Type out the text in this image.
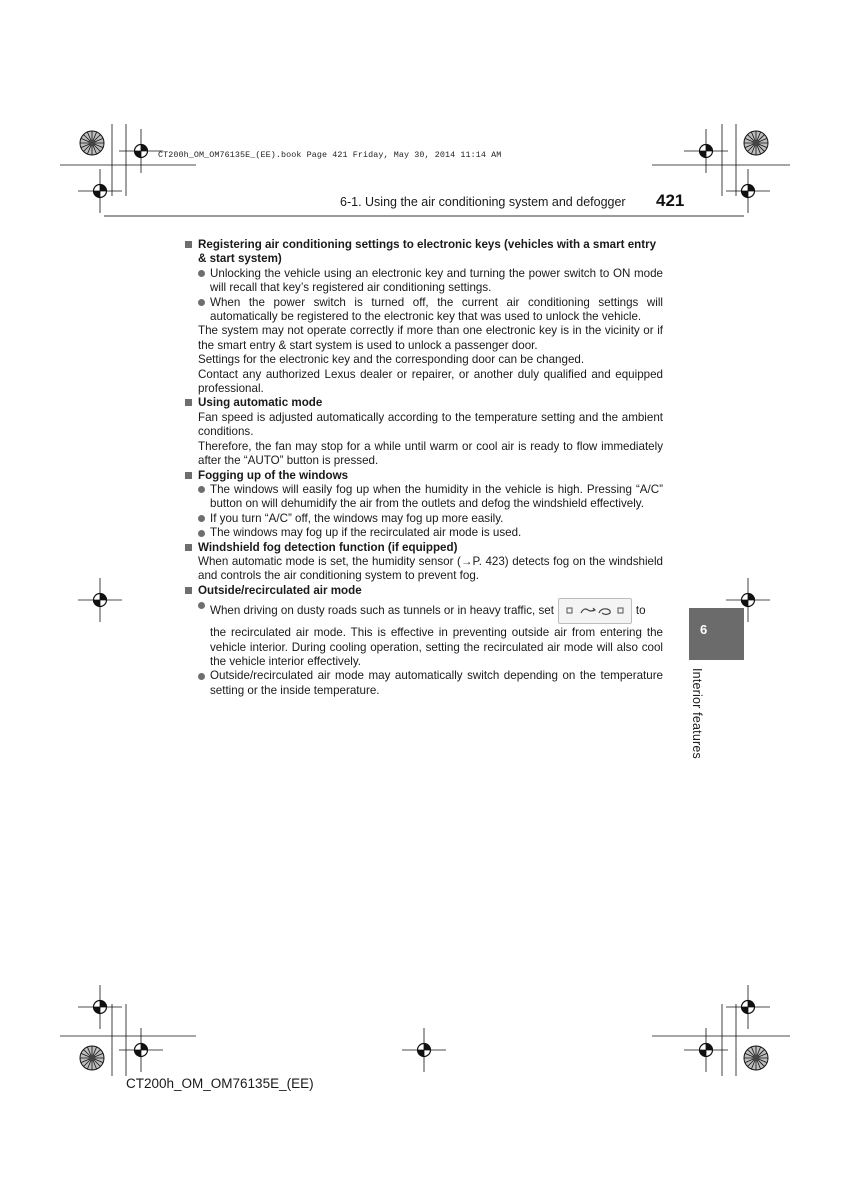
CT200h_OM_OM76135E_(EE).book Page 421 Friday, May 30, 2014 11:14 AM
6-1. Using the air conditioning system and defogger 421

Registering air conditioning settings to electronic keys (vehicles with a smart entry & start system)

Unlocking the vehicle using an electronic key and turning the power switch to ON mode will recall that key’s registered air conditioning settings.

When the power switch is turned off, the current air conditioning settings will automatically be registered to the electronic key that was used to unlock the vehicle.

The system may not operate correctly if more than one electronic key is in the vicinity or if the smart entry & start system is used to unlock a passenger door.

Settings for the electronic key and the corresponding door can be changed.

Contact any authorized Lexus dealer or repairer, or another duly qualified and equipped professional.

Using automatic mode

Fan speed is adjusted automatically according to the temperature setting and the ambient conditions.

Therefore, the fan may stop for a while until warm or cool air is ready to flow immediately after the “AUTO” button is pressed.

Fogging up of the windows

The windows will easily fog up when the humidity in the vehicle is high. Pressing “A/C” button on will dehumidify the air from the outlets and defog the windshield effectively.

If you turn “A/C” off, the windows may fog up more easily.

The windows may fog up if the recirculated air mode is used.

Windshield fog detection function (if equipped)

When automatic mode is set, the humidity sensor (→P. 423) detects fog on the windshield and controls the air conditioning system to prevent fog.

Outside/recirculated air mode

When driving on dusty roads such as tunnels or in heavy traffic, set	to

the recirculated air mode. This is effective in preventing outside air from entering the vehicle interior. During cooling operation, setting the recirculated air mode will also cool the vehicle interior effectively.

Outside/recirculated air mode may automatically switch depending on the temperature setting or the inside temperature.

6
Interior features
CT200h_OM_OM76135E_(EE)
